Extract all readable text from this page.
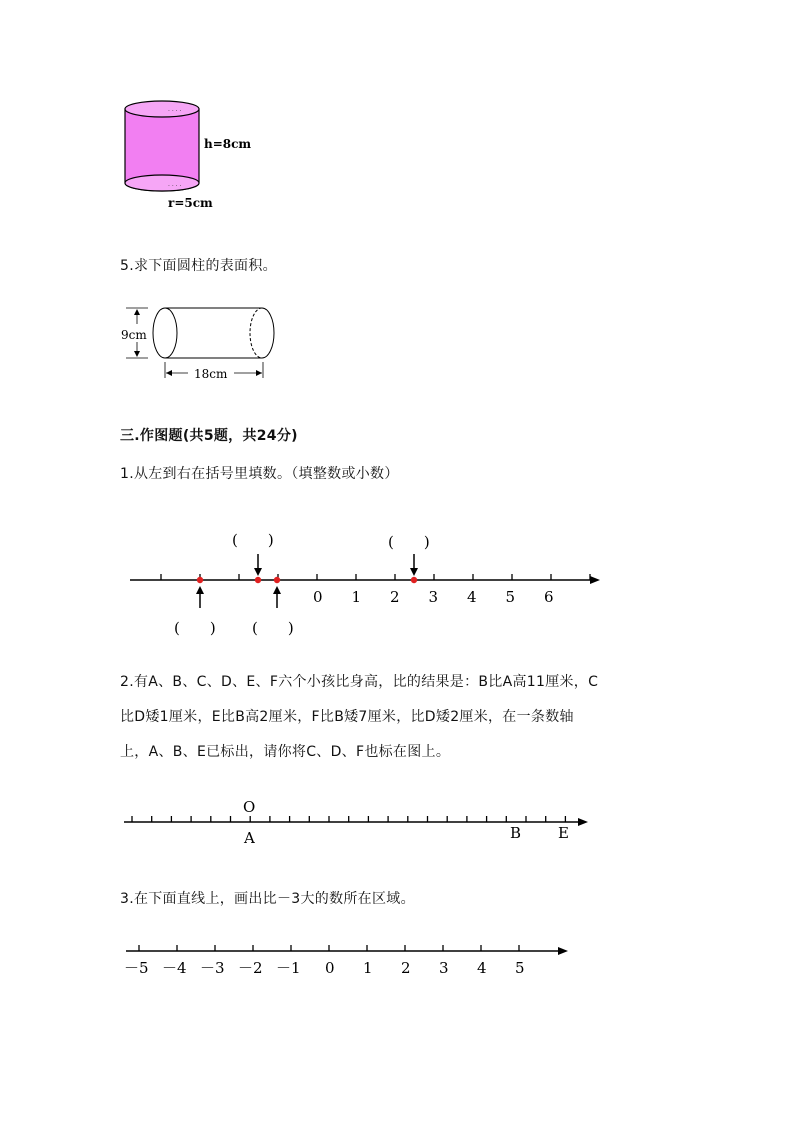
. . . .
. . . .
h=8cm
r=5cm
5.求下面圆柱的表面积。
9cm
18cm
三.作图题(共5题，共24分)
1.从左到右在括号里填数。（填整数或小数）
0 1 2 3 4 5 6
(　　)	(　　)
(　　) (　　)
2.有A、B、C、D、E、F六个小孩比身高，比的结果是：B比A高11厘米，C
比D矮1厘米，E比B高2厘米，F比B矮7厘米，比D矮2厘米，在一条数轴
上，A、B、E已标出，请你将C、D、F也标在图上。
O
A	B E
3.在下面直线上，画出比－3大的数所在区域。
－5 －4 －3 －2 －1 0 1 2 3 4 5
